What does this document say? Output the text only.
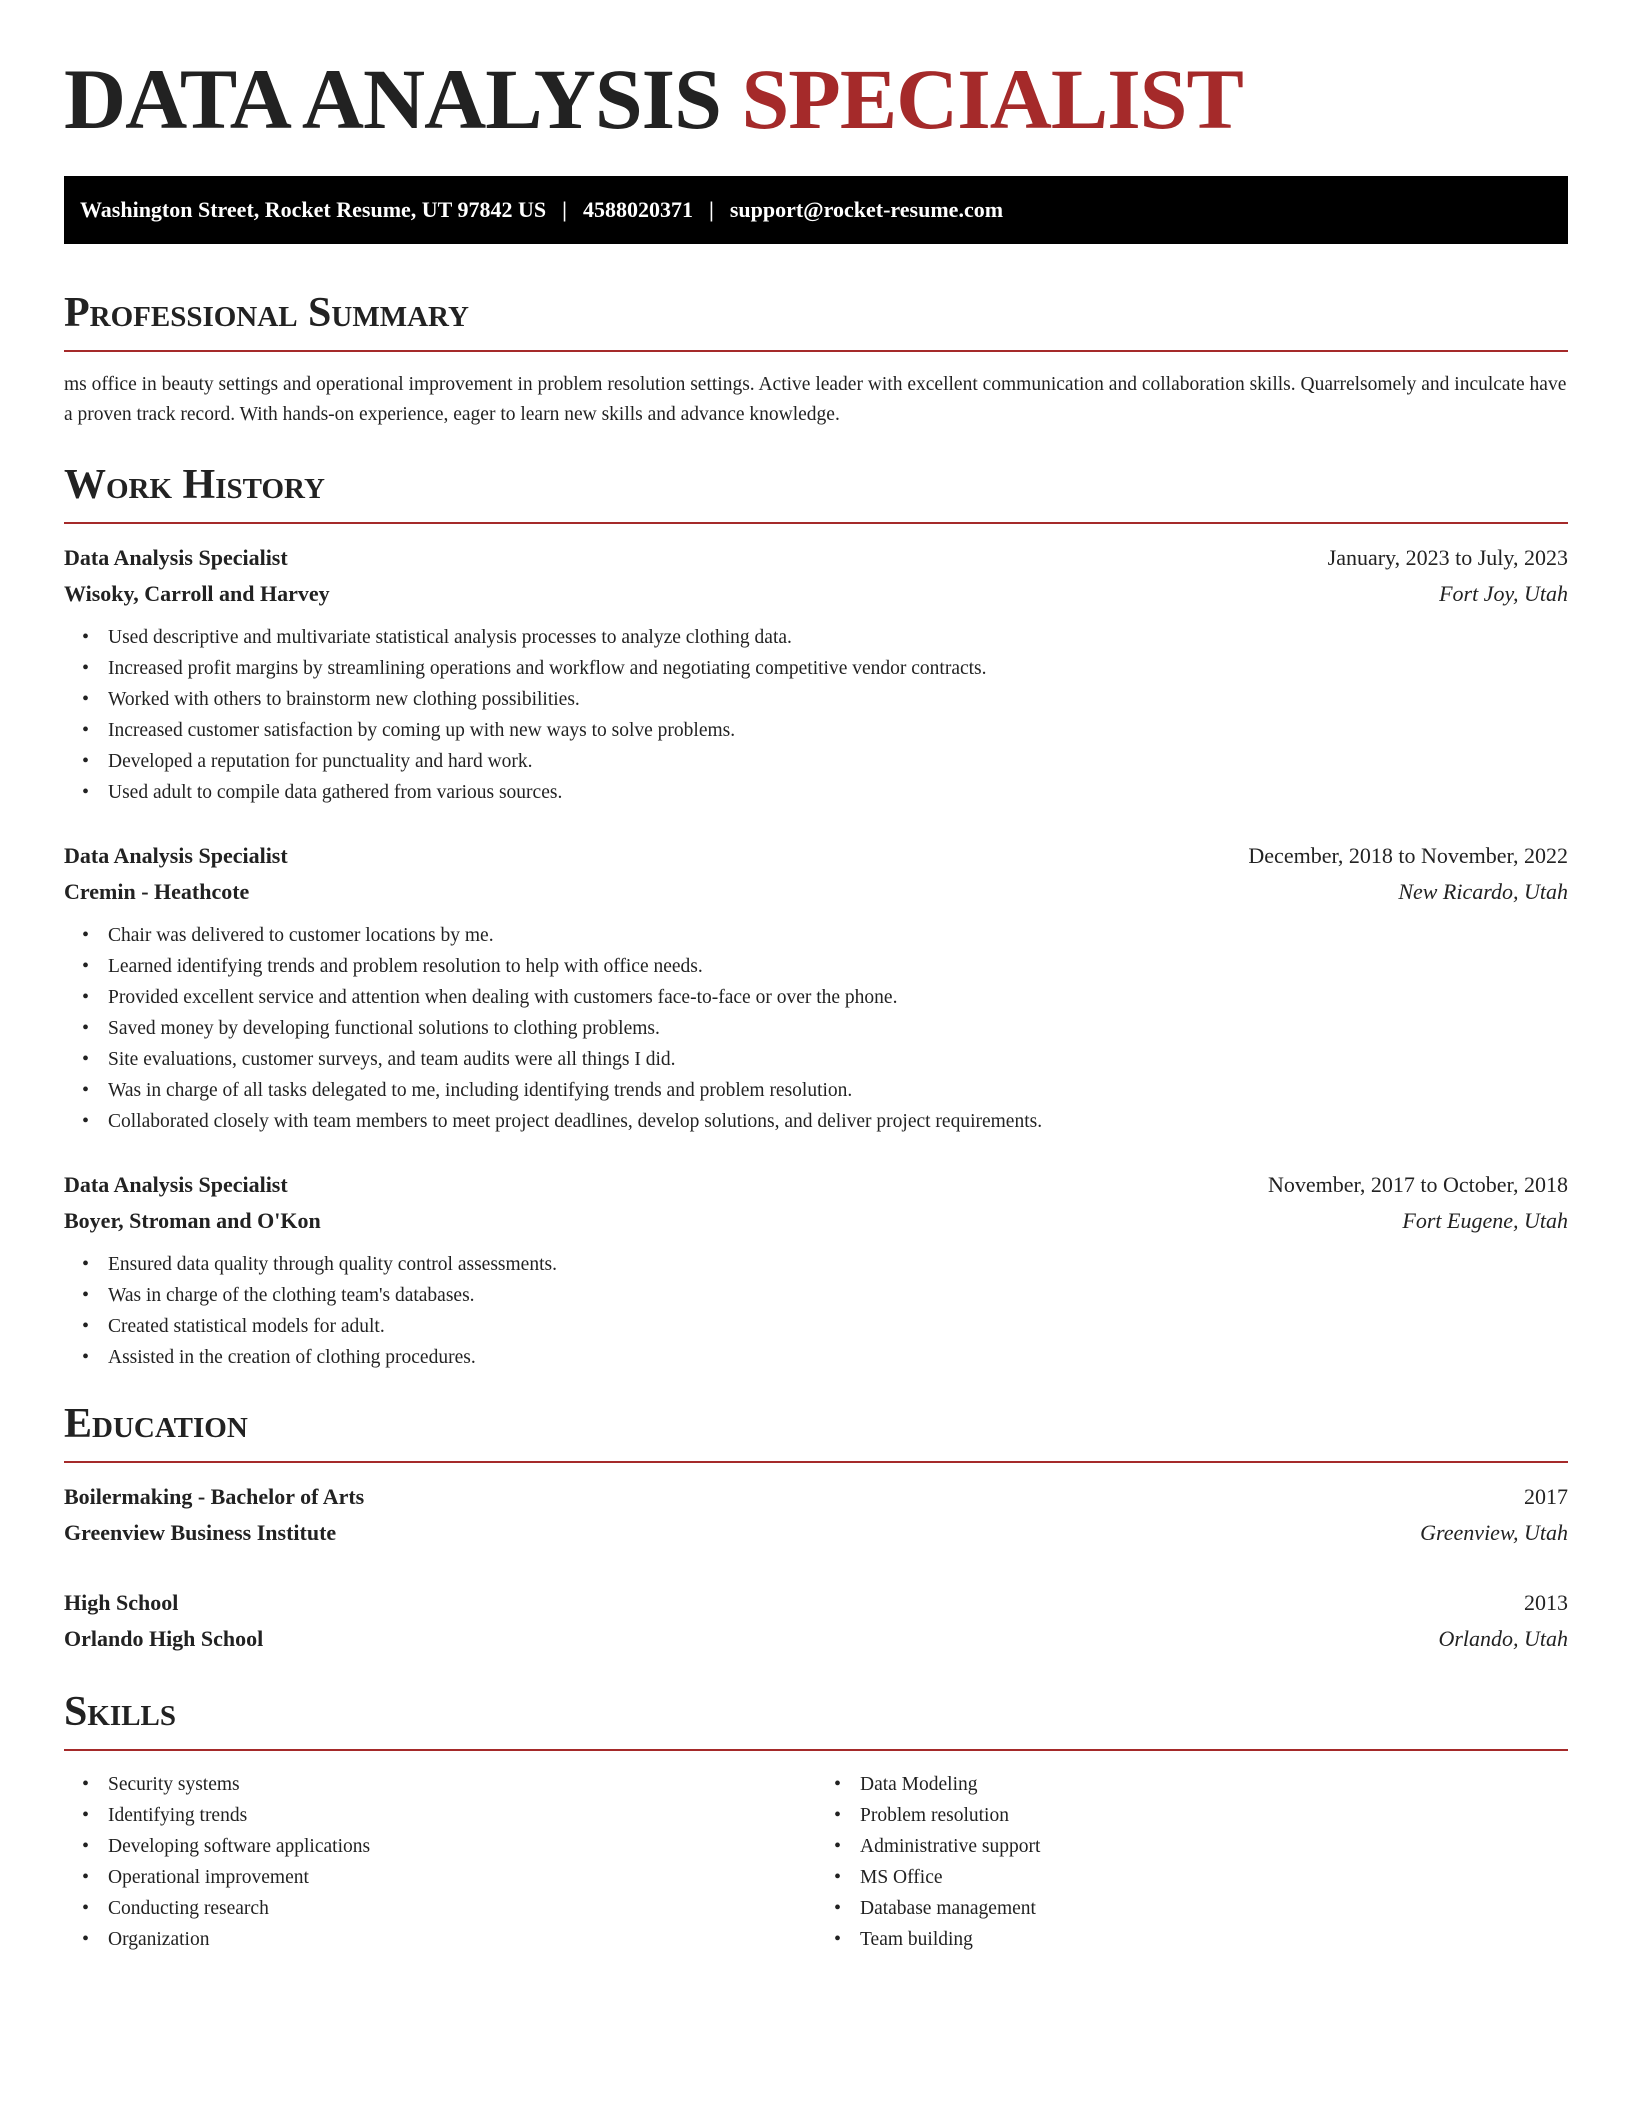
DATA ANALYSIS SPECIALIST
Washington Street, Rocket Resume, UT 97842 US | 4588020371 | support@rocket-resume.com
Professional Summary

ms office in beauty settings and operational improvement in problem resolution settings. Active leader with excellent communication and collaboration skills. Quarrelsomely and inculcate have a proven track record. With hands-on experience, eager to learn new skills and advance knowledge.

Work History
Data Analysis Specialist	January, 2023 to July, 2023
Wisoky, Carroll and Harvey	Fort Joy, Utah
• Used descriptive and multivariate statistical analysis processes to analyze clothing data.
• Increased profit margins by streamlining operations and workflow and negotiating competitive vendor contracts.
• Worked with others to brainstorm new clothing possibilities.
• Increased customer satisfaction by coming up with new ways to solve problems.
• Developed a reputation for punctuality and hard work.
• Used adult to compile data gathered from various sources.
Data Analysis Specialist	December, 2018 to November, 2022
Cremin - Heathcote	New Ricardo, Utah
• Chair was delivered to customer locations by me.
• Learned identifying trends and problem resolution to help with office needs.
• Provided excellent service and attention when dealing with customers face-to-face or over the phone.
• Saved money by developing functional solutions to clothing problems.
• Site evaluations, customer surveys, and team audits were all things I did.
• Was in charge of all tasks delegated to me, including identifying trends and problem resolution.
• Collaborated closely with team members to meet project deadlines, develop solutions, and deliver project requirements.
Data Analysis Specialist	November, 2017 to October, 2018
Boyer, Stroman and O'Kon	Fort Eugene, Utah
• Ensured data quality through quality control assessments.
• Was in charge of the clothing team's databases.
• Created statistical models for adult.
• Assisted in the creation of clothing procedures.
Education
Boilermaking - Bachelor of Arts	2017
Greenview Business Institute	Greenview, Utah
High School	2013
Orlando High School	Orlando, Utah
Skills
• Security systems
• Identifying trends
• Developing software applications
• Operational improvement
• Conducting research
• Organization
• Data Modeling
• Problem resolution
• Administrative support
• MS Office
• Database management
• Team building
